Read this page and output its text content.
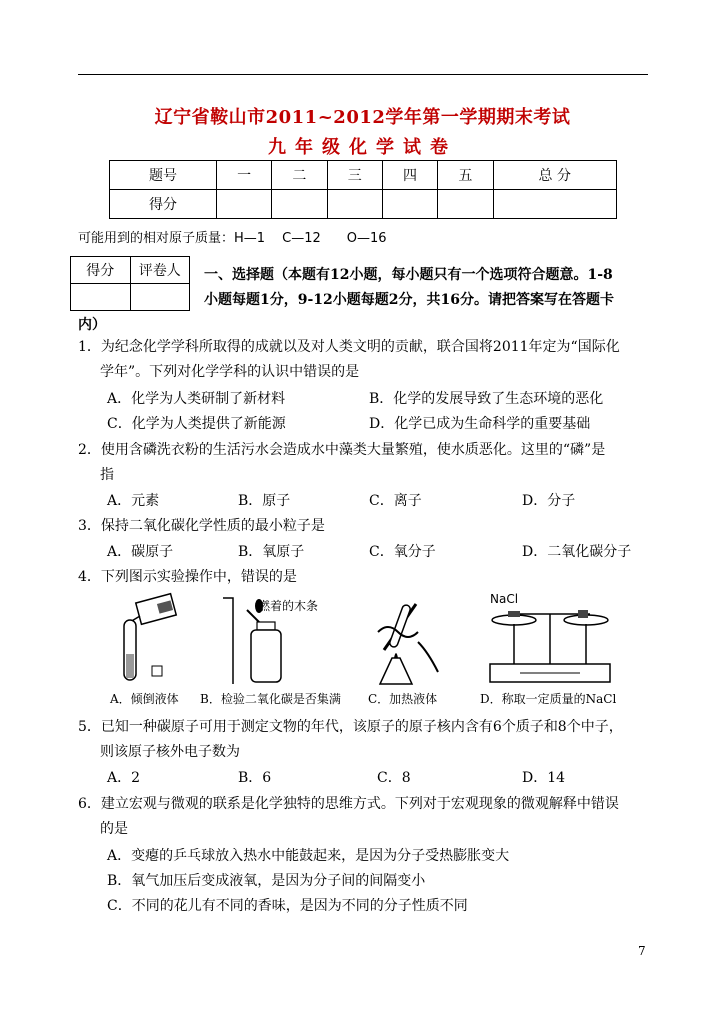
辽宁省鞍山市2011~2012学年第一学期期末考试
九年级化学试卷
题号	一	二	三	四	五	总 分
得分						
可能用到的相对原子质量：H—1　 C—12　　O—16
得分	评卷人
	一、选择题（本题有12小题，每小题只有一个选项符合题意。1-8
小题每题1分，9-12小题每题2分，共16分。请把答案写在答题卡
内）
1．为纪念化学学科所取得的成就以及对人类文明的贡献，联合国将2011年定为“国际化
学年”。下列对化学学科的认识中错误的是
A．化学为人类研制了新材料	B．化学的发展导致了生态环境的恶化
C．化学为人类提供了新能源	D．化学已成为生命科学的重要基础
2．使用含磷洗衣粉的生活污水会造成水中藻类大量繁殖，使水质恶化。这里的“磷”是
指
A．元素	B．原子	C．离子	D．分子
3．保持二氧化碳化学性质的最小粒子是
A．碳原子	B．氧原子	C．氧分子	D．二氧化碳分子
4．下列图示实验操作中，错误的是
A．倾倒液体
燃着的木条
B．检验二氧化碳是否集满 C．加热液体
NaCl
D．称取一定质量的NaCl
5．已知一种碳原子可用于测定文物的年代，该原子的原子核内含有6个质子和8个中子，
则该原子核外电子数为
A．2	B．6	C．8	D．14
6．建立宏观与微观的联系是化学独特的思维方式。下列对于宏观现象的微观解释中错误
的是
A．变瘪的乒乓球放入热水中能鼓起来，是因为分子受热膨胀变大
B．氧气加压后变成液氧，是因为分子间的间隔变小
C．不同的花儿有不同的香味，是因为不同的分子性质不同
7
